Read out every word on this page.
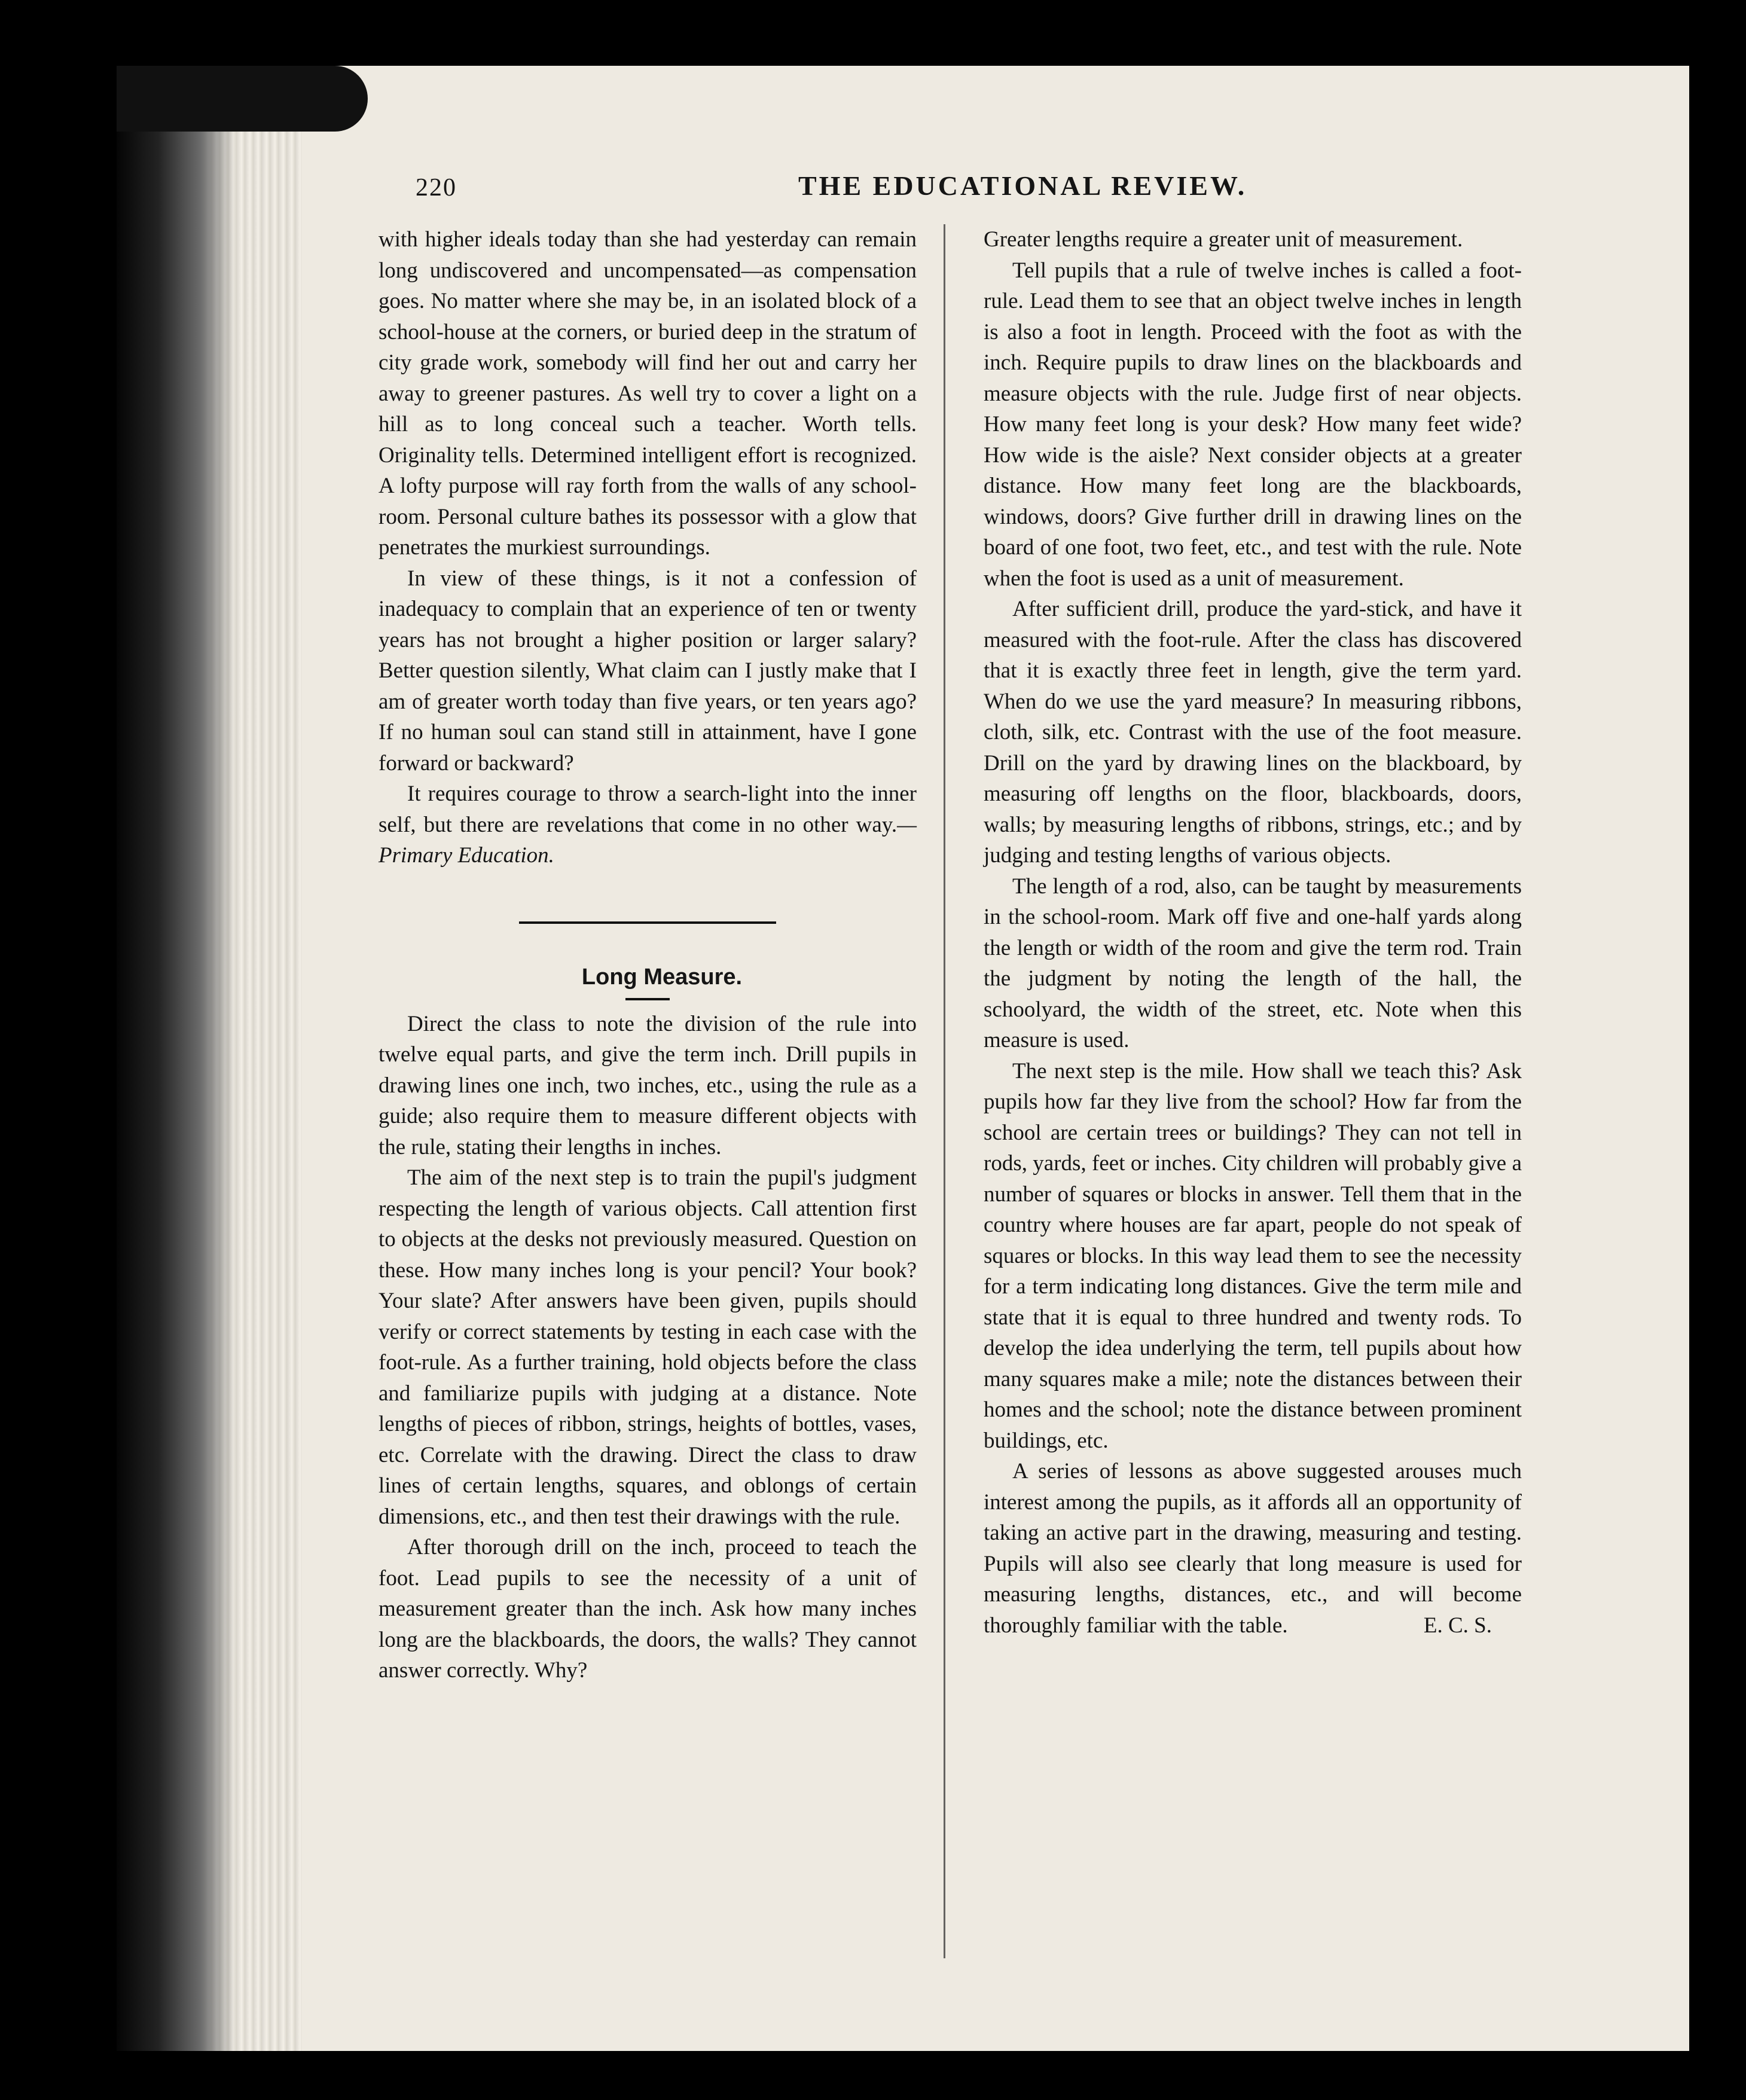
220	THE EDUCATIONAL REVIEW.

with higher ideals today than she had yesterday can remain long undiscovered and uncompensated—as compensation goes. No matter where she may be, in an isolated block of a school-house at the corners, or buried deep in the stratum of city grade work, somebody will find her out and carry her away to greener pastures. As well try to cover a light on a hill as to long conceal such a teacher. Worth tells. Originality tells. Determined intelligent effort is recognized. A lofty purpose will ray forth from the walls of any school-room. Personal culture bathes its possessor with a glow that penetrates the murkiest surroundings.

In view of these things, is it not a confession of inadequacy to complain that an experience of ten or twenty years has not brought a higher position or larger salary? Better question silently, What claim can I justly make that I am of greater worth today than five years, or ten years ago? If no human soul can stand still in attainment, have I gone forward or backward?

It requires courage to throw a search-light into the inner self, but there are revelations that come in no other way.—Primary Education.

Long Measure.

Direct the class to note the division of the rule into twelve equal parts, and give the term inch. Drill pupils in drawing lines one inch, two inches, etc., using the rule as a guide; also require them to measure different objects with the rule, stating their lengths in inches.

The aim of the next step is to train the pupil's judgment respecting the length of various objects. Call attention first to objects at the desks not previously measured. Question on these. How many inches long is your pencil? Your book? Your slate? After answers have been given, pupils should verify or correct statements by testing in each case with the foot-rule. As a further training, hold objects before the class and familiarize pupils with judging at a distance. Note lengths of pieces of ribbon, strings, heights of bottles, vases, etc. Correlate with the drawing. Direct the class to draw lines of certain lengths, squares, and oblongs of certain dimensions, etc., and then test their drawings with the rule.

After thorough drill on the inch, proceed to teach the foot. Lead pupils to see the necessity of a unit of measurement greater than the inch. Ask how many inches long are the blackboards, the doors, the walls? They cannot answer correctly. Why?

Greater lengths require a greater unit of measurement.

Tell pupils that a rule of twelve inches is called a foot-rule. Lead them to see that an object twelve inches in length is also a foot in length. Proceed with the foot as with the inch. Require pupils to draw lines on the blackboards and measure objects with the rule. Judge first of near objects. How many feet long is your desk? How many feet wide? How wide is the aisle? Next consider objects at a greater distance. How many feet long are the blackboards, windows, doors? Give further drill in drawing lines on the board of one foot, two feet, etc., and test with the rule. Note when the foot is used as a unit of measurement.

After sufficient drill, produce the yard-stick, and have it measured with the foot-rule. After the class has discovered that it is exactly three feet in length, give the term yard. When do we use the yard measure? In measuring ribbons, cloth, silk, etc. Contrast with the use of the foot measure. Drill on the yard by drawing lines on the blackboard, by measuring off lengths on the floor, blackboards, doors, walls; by measuring lengths of ribbons, strings, etc.; and by judging and testing lengths of various objects.

The length of a rod, also, can be taught by measurements in the school-room. Mark off five and one-half yards along the length or width of the room and give the term rod. Train the judgment by noting the length of the hall, the schoolyard, the width of the street, etc. Note when this measure is used.

The next step is the mile. How shall we teach this? Ask pupils how far they live from the school? How far from the school are certain trees or buildings? They can not tell in rods, yards, feet or inches. City children will probably give a number of squares or blocks in answer. Tell them that in the country where houses are far apart, people do not speak of squares or blocks. In this way lead them to see the necessity for a term indicating long distances. Give the term mile and state that it is equal to three hundred and twenty rods. To develop the idea underlying the term, tell pupils about how many squares make a mile; note the distances between their homes and the school; note the distance between prominent buildings, etc.

A series of lessons as above suggested arouses much interest among the pupils, as it affords all an opportunity of taking an active part in the drawing, measuring and testing. Pupils will also see clearly that long measure is used for measuring lengths, distances, etc., and will become thoroughly familiar with the table.	E. C. S.
